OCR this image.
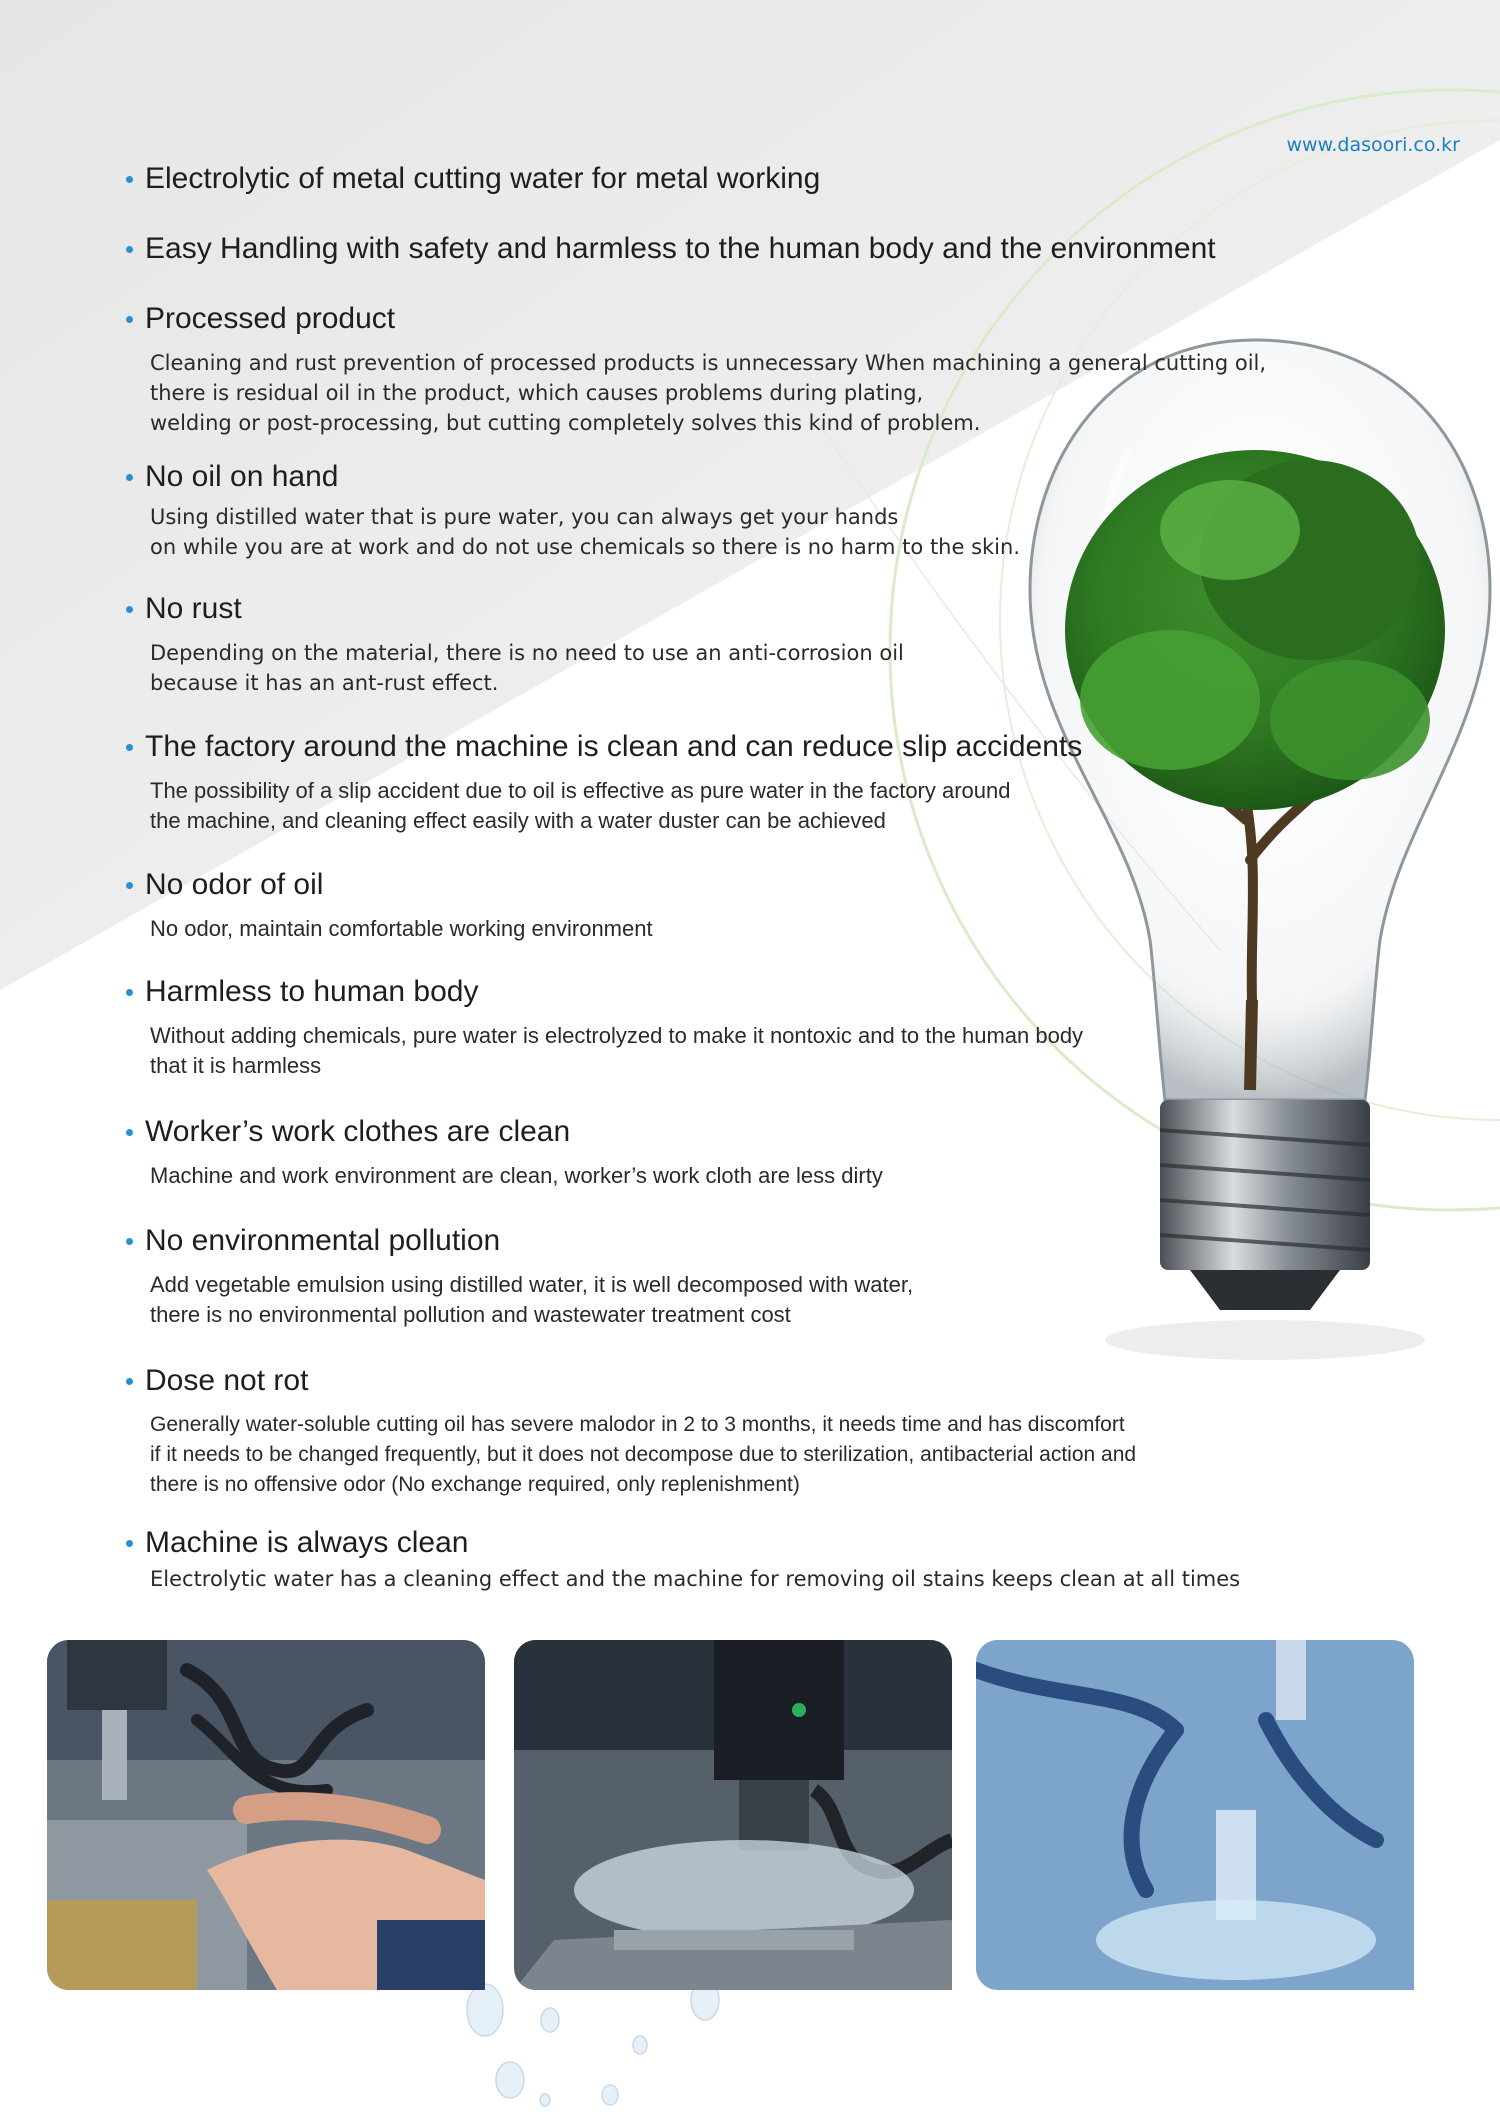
www.dasoori.co.kr
Electrolytic of metal cutting water for metal working
Easy Handling with safety and harmless to the human body and the environment
Processed product

Cleaning and rust prevention of processed products is unnecessary When machining a general cutting oil,

there is residual oil in the product, which causes problems during plating,

welding or post-processing, but cutting completely solves this kind of problem.

No oil on hand

Using distilled water that is pure water, you can always get your hands

on while you are at work and do not use chemicals so there is no harm to the skin.

No rust

Depending on the material, there is no need to use an anti-corrosion oil

because it has an ant-rust effect.

The factory around the machine is clean and can reduce slip accidents

The possibility of a slip accident due to oil is effective as pure water in the factory around

the machine, and cleaning effect easily with a water duster can be achieved

No odor of oil

No odor, maintain comfortable working environment

Harmless to human body

Without adding chemicals, pure water is electrolyzed to make it nontoxic and to the human body

that it is harmless

Worker’s work clothes are clean

Machine and work environment are clean, worker’s work cloth are less dirty

No environmental pollution

Add vegetable emulsion using distilled water, it is well decomposed with water,

there is no environmental pollution and wastewater treatment cost

Dose not rot

Generally water-soluble cutting oil has severe malodor in 2 to 3 months, it needs time and has discomfort

if it needs to be changed frequently, but it does not decompose due to sterilization, antibacterial action and

there is no offensive odor (No exchange required, only replenishment)

Machine is always clean

Electrolytic water has a cleaning effect and the machine for removing oil stains keeps clean at all times
